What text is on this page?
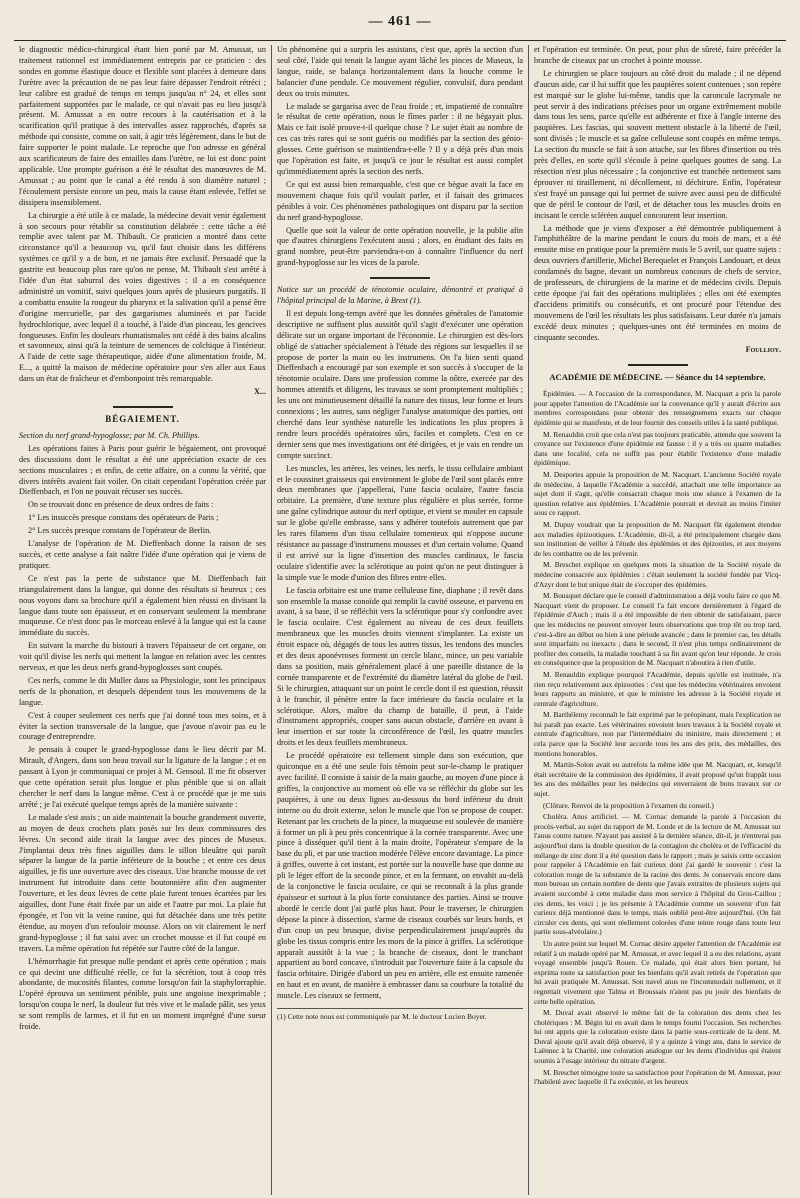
— 461 —

le diagnostic médico-chirurgical étant bien porté par M. Amussat, un traitement rationnel est immédiatement entrepris par ce praticien : des sondes en gomme élastique douce et flexible sont placées à demeure dans l'urètre avec la précaution de ne pas leur faire dépasser l'endroit rétréci ; leur calibre est gradué de temps en temps jusqu'au n° 24, et elles sont parfaitement supportées par le malade, ce qui n'avait pas eu lieu jusqu'à présent. M. Amussat a en outre recours à la cautérisation et à la scarification qu'il pratique à des intervalles assez rapprochés, d'après sa méthode qui consiste, comme on sait, à agir très légèrement, dans le but de faire supporter le point malade. Le reproche que l'on adresse en général aux scarificateurs de faire des entailles dans l'urètre, ne lui est donc point applicable. Une prompte guérison a été le résultat des manœuvres de M. Amussat ; au point que le canal a été rendu à son diamètre naturel ; l'écoulement persiste encore un peu, mais la cause étant enlevée, l'effet se dissipera insensiblement.

La chirurgie a été utile à ce malade, la médecine devait venir également à son secours pour rétablir sa constitution délabrée : cette tâche a été remplie avec talent par M. Thibault. Ce praticien a montré dans cette circonstance qu'il a beaucoup vu, qu'il faut choisir dans les différens systèmes ce qu'il y a de bon, et ne jamais être exclusif. Persuadé que la gastrite est beaucoup plus rare qu'on ne pense, M. Thibault s'est arrêté à l'idée d'un état saburral des voies digestives : il a en conséquence administré un vomitif, suivi quelques jours après de plusieurs purgatifs. Il a combattu ensuite la rougeur du pharynx et la salivation qu'il a pensé être d'origine mercurielle, par des gargarismes alumineés et par l'acide hydrochlorique, avec lequel il a touché, à l'aide d'un pinceau, les gencives fongueuses. Enfin les douleurs rhumatismales ont cédé à des bains alcalins et savonneux, ainsi qu'à la teinture de semences de colchique à l'intérieur. A l'aide de cette sage thérapeutique, aidée d'une alimentation froide, M. E..., a quitté la maison de médecine opératoire pour s'en aller aux Eaux dans un état de fraîcheur et d'embonpoint très remarquable.

X...
BÉGAIEMENT.

Section du nerf grand-hypoglosse; par M. Ch. Phillips.

Les opérations faites à Paris pour guérir le bégaiement, ont provoqué des discussions dont le résultat a été une appréciation exacte de ces sections musculaires ; et enfin, de cette affaire, on a connu la vérité, que divers intérêts avaient fait voiler. On citait cependant l'opération créée par Dieffenbach, et l'on ne pouvait récuser ses succès.

On se trouvait donc en présence de deux ordres de faits :

1° Les insuccès presque constans des opérateurs de Paris ;

2° Les succès presque constans de l'opérateur de Berlin.

L'analyse de l'opération de M. Dieffenbach donne la raison de ses succès, et cette analyse a fait naître l'idée d'une opération qui je viens de pratiquer.

Ce n'est pas la perte de substance que M. Dieffenbach fait triangulairement dans la langue, qui donne des résultats si heureux ; ces nous voyons dans sa brochure qu'il a également bien réussi en divisant la langue dans toute son épaisseur, et en conservant seulement la membrane muqueuse. Ce n'est donc pas le morceau enlevé à la langue qui est la cause immédiate du succès.

En suivant la marche du bistouri à travers l'épaisseur de cet organe, on voit qu'il divise les nerfs qui mettent la langue en relation avec les centres nerveux, et que les deux nerfs grand-hypoglosses sont coupés.

Ces nerfs, comme le dit Muller dans sa Physiologie, sont les principaux nerfs de la phonation, et desquels dépendent tous les mouvemens de la langue.

C'est à couper seulement ces nerfs que j'ai donné tous mes soins, et à éviter la section transversale de la langue, que j'avoue n'avoir pas eu le courage d'entreprendre.

Je pensais à couper le grand-hypoglosse dans le lieu décrit par M. Mirault, d'Angers, dans son beau travail sur la ligature de la langue ; et en passant à Lyon je communiquai ce projet à M. Gensoul. Il me fit observer que cette opération serait plus longue et plus pénible que si on allait chercher le nerf dans la langue même. C'est à ce procédé que je me suis arrêté ; je l'ai exécuté quelque temps après de la manière suivante :

Le malade s'est assis ; un aide maintenait la bouche grandement ouverte, au moyen de deux crochets plats posés sur les deux commissures des lèvres. Un second aide tirait la langue avec des pinces de Museux. J'implantai deux très fines aiguilles dans le sillon bleuâtre qui paraît séparer la langue de la partie inférieure de la bouche ; et entre ces deux aiguilles, je fis une ouverture avec des ciseaux. Une branche mousse de cet instrument fut introduite dans cette boutonnière afin d'en augmenter l'ouverture, et les deux lèvres de cette plaie furent tenues écartées par les aiguilles, dont l'une était fixée par un aide et l'autre par moi. La plaie fut épongée, et l'on vit la veine ranine, qui fut détachée dans une très petite étendue, au moyen d'un refouloir mousse. Alors on vit clairement le nerf grand-hypoglosse ; il fut saisi avec un crochet mousse et il fut coupé en travers. La même opération fut répétée sur l'autre côté de la langue.

L'hémorrhagie fut presque nulle pendant et après cette opération ; mais ce qui devint une difficulté réelle, ce fut la sécrétion, tout à coup très abondante, de mucosités filantes, comme lorsqu'on fait la staphylorraphie. L'opéré éprouva un sentiment pénible, puis une angoisse inexprimable ; lorsqu'on coupa le nerf, la douleur fut très vive et le malade pâlit, ses yeux se sont remplis de larmes, et il fut en un moment imprégné d'une sueur froide.

Un phénomène qui a surpris les assistans, c'est que, après la section d'un seul côté, l'aide qui tenait la langue ayant lâché les pinces de Museux, la langue, raide, se balança horizontalement dans la bouche comme le balancier d'une pendule. Ce mouvement régulier, convulsif, dura pendant deux ou trois minutes.

Le malade se gargarisa avec de l'eau froide ; et, impatienté de connaître le résultat de cette opération, nous le fîmes parler : il ne bégayait plus. Mais ce fait isolé prouve-t-il quelque chose ? Le sujet était au nombre de ces cas très rares qui se sont guéris ou modifiés par la section des génio-glosses. Cette guérison se maintiendra-t-elle ? Il y a déjà près d'un mois que l'opération est faite, et jusqu'à ce jour le résultat est aussi complet qu'immédiatement après la section des nerfs.

Ce qui est aussi bien remarquable, c'est que ce bègue avait la face en mouvement chaque fois qu'il voulait parler, et il faisait des grimaces pénibles à voir. Ces phénomènes pathologiques ont disparu par la section du nerf grand-hypoglosse.

Quelle que soit la valeur de cette opération nouvelle, je la publie afin que d'autres chirurgiens l'exécutent aussi ; alors, en étudiant des faits en grand nombre, peut-être parviendra-t-on à connaître l'influence du nerf grand-hypoglosse sur les vices de la parole.

Notice sur un procédé de ténotomie oculaire, démontré et pratiqué à l'hôpital principal de la Marine, à Brest (1).

Il est depuis long-temps avéré que les données générales de l'anatomie descriptive ne suffisent plus aussitôt qu'il s'agit d'exécuter une opération délicate sur un organe important de l'économie. Le chirurgien est dès-lors obligé de s'attacher spécialement à l'étude des régions sur lesquelles il se propose de porter la main ou les instrumens. On l'a bien senti quand Dieffenbach a encouragé par son exemple et son succès à s'occuper de la ténotomie oculaire. Dans une profession comme la nôtre, exercée par des hommes attentifs et diligens, les travaux se sont promptement multipliés ; les uns ont minutieusement détaillé la nature des tissus, leur forme et leurs connexions ; les autres, sans négliger l'analyse anatomique des parties, ont cherché dans leur synthèse naturelle les indications les plus propres à rendre leurs procédés opératoires sûrs, faciles et complets. C'est en ce dernier sens que mes investigations ont été dirigées, et je vais en rendre un compte succinct.

Les muscles, les artères, les veines, les nerfs, le tissu cellulaire ambiant et le coussinet graisseux qui environnent le globe de l'œil sont placés entre deux membranes que j'appellerai, l'une fascia oculaire, l'autre fascia orbitaire. La première, d'une texture plus régulière et plus serrée, forme une gaîne cylindrique autour du nerf optique, et vient se mouler en capsule sur le globe qu'elle embrasse, sans y adhérer toutefois autrement que par les rares filamens d'un tissu cellulaire tomenteux qui n'oppose aucune résistance au passage d'instrumens mousses et d'un certain volume. Quand il est arrivé sur la ligne d'insertion des muscles cardinaux, le fascia oculaire s'identifie avec la sclérotique au point qu'on ne peut distinguer à la simple vue le mode d'union des fibres entre elles.

Le fascia orbitaire est une trame celluleuse fine, diaphane ; il revêt dans son ensemble la masse conoïde qui remplit la cavité osseuse, et parvenu en avant, à sa base, il se réfléchit vers la sclérotique pour s'y confondre avec le fascia oculaire. C'est également au niveau de ces deux feuillets membraneux que les muscles droits viennent s'implanter. La existe un étroit espace où, dégagés de tous les autres tissus, les tendons des muscles et des deux aponévroses forment un cercle blanc, mince, un peu variable dans sa position, mais généralement placé à une pareille distance de la cornée transparente et de l'extrémité du diamètre latéral du globe de l'œil. Si le chirurgien, attaquant sur un point le cercle dont il est question, réussit à le franchir, il pénètre entre la face intérieure du fascia oculaire et la sclérotique. Alors, maître du champ de bataille, il peut, à l'aide d'instrumens appropriés, couper sans aucun obstacle, d'arrière en avant à leur insertion et sur toute la circonférence de l'œil, les quatre muscles droits et les deux feuillets membraneux.

Le procédé opératoire est tellement simple dans son exécution, que quiconque en a été une seule fois témoin peut sur-le-champ le pratiquer avec facilité. Il consiste à saisir de la main gauche, au moyen d'une pince à griffes, la conjonctive au moment où elle va se réfléchir du globe sur les paupières, à une ou deux lignes au-dessous du bord inférieur du droit interne ou du droit externe, selon le muscle que l'on se propose de couper. Retenant par les crochets de la pince, la muqueuse est soulevée de manière à former un pli à peu près concentrique à la cornée transparente. Avec une pince à disséquer qu'il tient à la main droite, l'opérateur s'empare de la base du pli, et par une traction modérée l'élève encore davantage. La pince à griffes, ouverte à cet instant, est portée sur la nouvelle base que donne au pli le léger effort de la seconde pince, et en la fermant, on envahit au-delà de la conjonctive le fascia oculaire, ce qui se reconnaît à la plus grande épaisseur et surtout à la plus forte consistance des parties. Ainsi se trouve abordé le cercle dont j'ai parlé plus haut. Pour le traverser, le chirurgien dépose la pince à dissection, s'arme de ciseaux courbés sur leurs bords, et d'un coup un peu brusque, divise perpendiculairement jusqu'auprès du globe les tissus compris entre les mors de la pince à griffes. La sclérotique apparaît aussitôt à la vue ; la branche de ciseaux, dont le tranchant appartient au bord concave, s'introduit par l'ouverture faite à la capsule du fascia orbitaire. Dirigée d'abord un peu en arrière, elle est ensuite ramenée en haut et en avant, de manière à embrasser dans sa courbure la totalité du muscle. Les ciseaux se ferment,

(1) Cette note nous est communiquée par M. le docteur Lucien Boyer.

et l'opération est terminée. On peut, pour plus de sûreté, faire précéder la branche de ciseaux par un crochet à pointe mousse.

Le chirurgien se place toujours au côté droit du malade ; il ne dépend d'aucun aide, car il lui suffit que les paupières soient contenues ; son repère est marqué sur le globe lui-même, tandis que la caroncule lacrymale ne peut servir à des indications précises pour un organe extrêmement mobile dans tous les sens, parce qu'elle est adhérente et fixe à l'angle interne des paupières. Les fascias, qui souvent mettent obstacle à la liberté de l'œil, sont divisés ; le muscle et sa gaîne celluleuse sont coupés en même temps. La section du muscle se fait à son attache, sur les fibres d'insertion ou très près d'elles, en sorte qu'il s'écoule à peine quelques gouttes de sang. La résection n'est plus nécessaire ; la conjonctive est tranchée nettement sans éprouver ni tiraillement, ni décollement, ni déchirure. Enfin, l'opérateur s'est frayé un passage qui lui permet de suivre avec aussi peu de difficulté que de péril le contour de l'œil, et de détacher tous les muscles droits en incisant le cercle scléréen auquel concourent leur insertion.

La méthode que je viens d'exposer a été démontrée publiquement à l'amphithéâtre de la marine pendant le cours du mois de mars, et a été ensuite mise en pratique pour la première mois le 5 avril, sur quatre sujets : deux ouvriers d'artillerie, Michel Berequelet et François Landouart, et deux condamnés du bagne, devant un nombreux concours de chefs de service, de professeurs, de chirurgiens de la marine et de médecins civils. Depuis cette époque j'ai fait des opérations multipliées ; elles ont été exemptes d'accidens primitifs ou consécutifs, et ont procuré pour l'étendue des mouvemens de l'œil les résultats les plus satisfaisans. Leur durée n'a jamais excédé deux minutes ; quelques-unes ont été terminées en moins de cinquante secondes.

Foullioy.
ACADÉMIE DE MÉDECINE. — Séance du 14 septembre.

Épidémies. — A l'occasion de la correspondance, M. Nacquart a pris la parole pour appeler l'attention de l'Académie sur la convenance qu'il y aurait d'écrire aux membres correspondans pour obtenir des renseignemens exacts sur chaque épidémie qui se manifeste, et de leur fournir des conseils utiles à la santé publique.

M. Renauldin croit que cela n'est pas toujours praticable, attendu que souvent la croyance sur l'existence d'une épidémie est fausse : il y a très ou quatre maladies dans une localité, cela ne suffit pas pour établir l'existence d'une maladie épidémique.

M. Desportes appuie la proposition de M. Nacquart. L'ancienne Société royale de médecine, à laquelle l'Académie a succédé, attachait une telle importance au sujet dont il s'agit, qu'elle consacrait chaque mois une séance à l'examen de la question relative aux épidémies. L'Académie pourrait et devrait au moins l'imiter sous ce rapport.

M. Dupuy voudrait que la proposition de M. Nacquart fût également étendue aux maladies épizootiques. L'Académie, dit-il, a été principalement chargée dans son institution de veiller à l'étude des épidémies et des épizooties, et aux moyens de les combattre ou de les prévenir.

M. Breschet explique en quelques mots la situation de la Société royale de médecine consacrée aux épidémies : c'était seulement la société fondée par Vicq-d'Azyr dont le but unique était de s'occuper des épidémies.

M. Bousquet déclare que le conseil d'administration a déjà voulu faire ce que M. Nacquart vient de proposer. Le conseil l'a fait encore dernièrement à l'égard de l'épidémie d'Auch ; mais il a été impossible de rien obtenir de satisfaisant, parce que les médecins ne peuvent envoyer leurs observations que trop tôt ou trop tard, c'est-à-dire au début ou bien à une période avancée ; dans le premier cas, les détails sont imparfaits ou inexacts ; dans le second, il n'est plus temps ordinairement de profiter des conseils, la maladie touchant à sa fin avant qu'on leur réponde. Je crois en conséquence que la proposition de M. Nacquart n'aboutira à rien d'utile.

M. Renauldin explique pourquoi l'Académie, depuis qu'elle est instituée, n'a rien reçu relativement aux épizooties : c'est que les médecins vétérinaires envoient leurs rapports au ministre, et que le ministre les adresse à la Société royale et centrale d'agriculture.

M. Barthélemy reconnaît le fait exprimé par le préopinant, mais l'explication ne lui paraît pas exacte. Les vétérinaires envoient leurs travaux à la Société royale et centrale d'agriculture, non par l'intermédiaire du ministre, mais directement ; et cela parce que la Société leur accorde tous les ans des prix, des médailles, des mentions honorables.

M. Martin-Solon avait eu autrefois la même idée que M. Nacquart, et, lorsqu'il était secrétaire de la commission des épidémies, il avait proposé qu'un frappât tous les ans des médailles pour les médecins qui enverraient de bons travaux sur ce sujet.

(Clôture. Renvoi de la proposition à l'examen du conseil.)

Choléra. Anus artificiel. — M. Cornac demande la parole à l'occasion du procès-verbal, au sujet du rapport de M. Londe et de la lecture de M. Amussat sur l'anus contre nature. N'ayant pas assisté à la dernière séance, dit-il, je n'entrerai pas aujourd'hui dans la double question de la contagion du choléra et de l'efficacité du mélange de zinc dont il a été question dans le rapport ; mais je saisis cette occasion pour rappeler à l'Académie en fait curieux dont j'ai gardé le souvenir : c'est la coloration rouge de la substance de la racine des dents. Je conservais encore dans mon bureau un certain nombre de dents que j'avais extraites de plusieurs sujets qui avaient succombé à cette maladie dans mon service à l'hôpital du Gros-Caillou ; ces dents, les voici ; je les présente à l'Académie comme un souvenir d'un fait curieux déjà mentionné dans le temps, mais oublié peut-être aujourd'hui. (On fait circuler ces dents, qui sont réellement colorées d'une teinte rouge dans toute leur partie sous-alvéolaire.)

Un autre point sur lequel M. Cornac désire appeler l'attention de l'Académie est relatif à un malade opéré par M. Amussat, et avec lequel il a eu des relations, ayant voyagé ensemble jusqu'à Rouen. Ce malade, qui était alors bien portant, lui exprima toute sa satisfaction pour les bienfaits qu'il avait retirés de l'opération que lui avait pratiquée M. Amussat. Son navel anus ne l'incommodait nullement, et il regrettait vivement que Talma et Broussais n'aient pas pu jouir des bienfaits de cette belle opération.

M. Duval avait observé le même fait de la coloration des dents chez les cholériques : M. Bégin lui en avait dans le temps fourni l'occasion. Ses recherches lui ont appris que la coloration existe dans la partie sous-corticale de la dent. M. Duval ajoute qu'il avait déjà observé, il y a quinze à vingt ans, dans le service de Laënnec à la Charité, une coloration analogue sur les dents d'individus qui étaient soumis à l'usage intérieur du nitrate d'argent.

M. Breschet témoigne toute sa satisfaction pour l'opération de M. Amussat, pour l'habileté avec laquelle il l'a exécutée, et les heureux
